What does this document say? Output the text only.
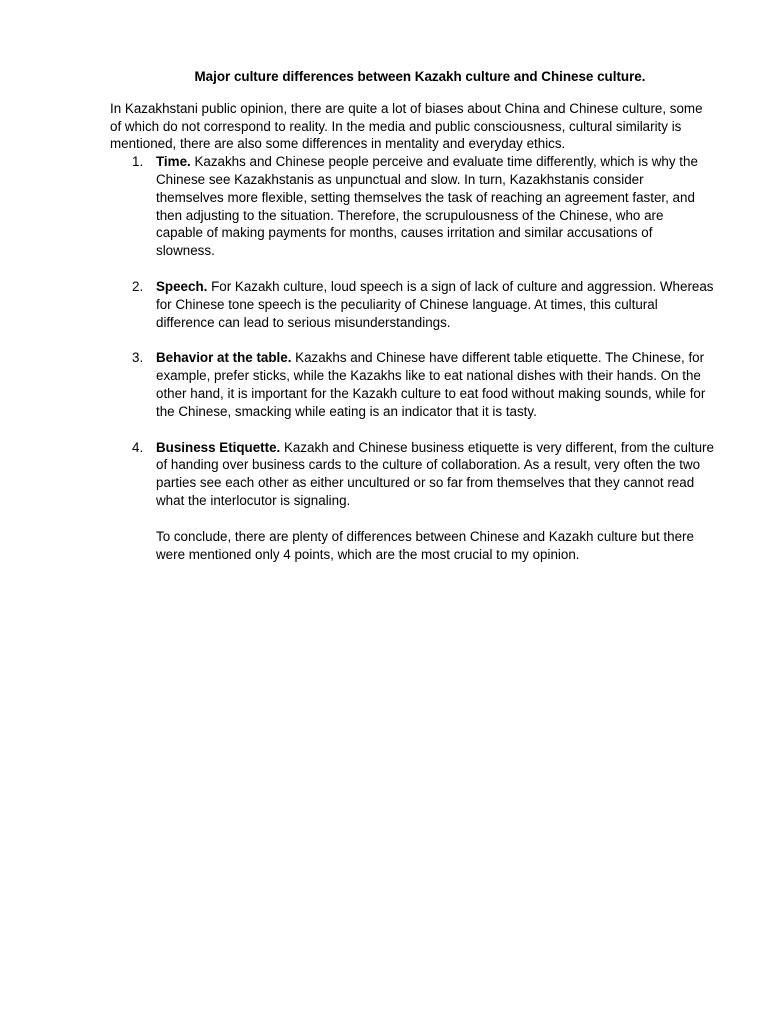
Major culture differences between Kazakh culture and Chinese culture.

In Kazakhstani public opinion, there are quite a lot of biases about China and Chinese culture, some of which do not correspond to reality. In the media and public consciousness, cultural similarity is mentioned, there are also some differences in mentality and everyday ethics.

1. Time. Kazakhs and Chinese people perceive and evaluate time differently, which is why the Chinese see Kazakhstanis as unpunctual and slow. In turn, Kazakhstanis consider themselves more flexible, setting themselves the task of reaching an agreement faster, and then adjusting to the situation. Therefore, the scrupulousness of the Chinese, who are capable of making payments for months, causes irritation and similar accusations of slowness.
2. Speech. For Kazakh culture, loud speech is a sign of lack of culture and aggression. Whereas for Chinese tone speech is the peculiarity of Chinese language. At times, this cultural difference can lead to serious misunderstandings.
3. Behavior at the table. Kazakhs and Chinese have different table etiquette. The Chinese, for example, prefer sticks, while the Kazakhs like to eat national dishes with their hands. On the other hand, it is important for the Kazakh culture to eat food without making sounds, while for the Chinese, smacking while eating is an indicator that it is tasty.
4. Business Etiquette. Kazakh and Chinese business etiquette is very different, from the culture of handing over business cards to the culture of collaboration. As a result, very often the two parties see each other as either uncultured or so far from themselves that they cannot read what the interlocutor is signaling.

To conclude, there are plenty of differences between Chinese and Kazakh culture but there were mentioned only 4 points, which are the most crucial to my opinion.
